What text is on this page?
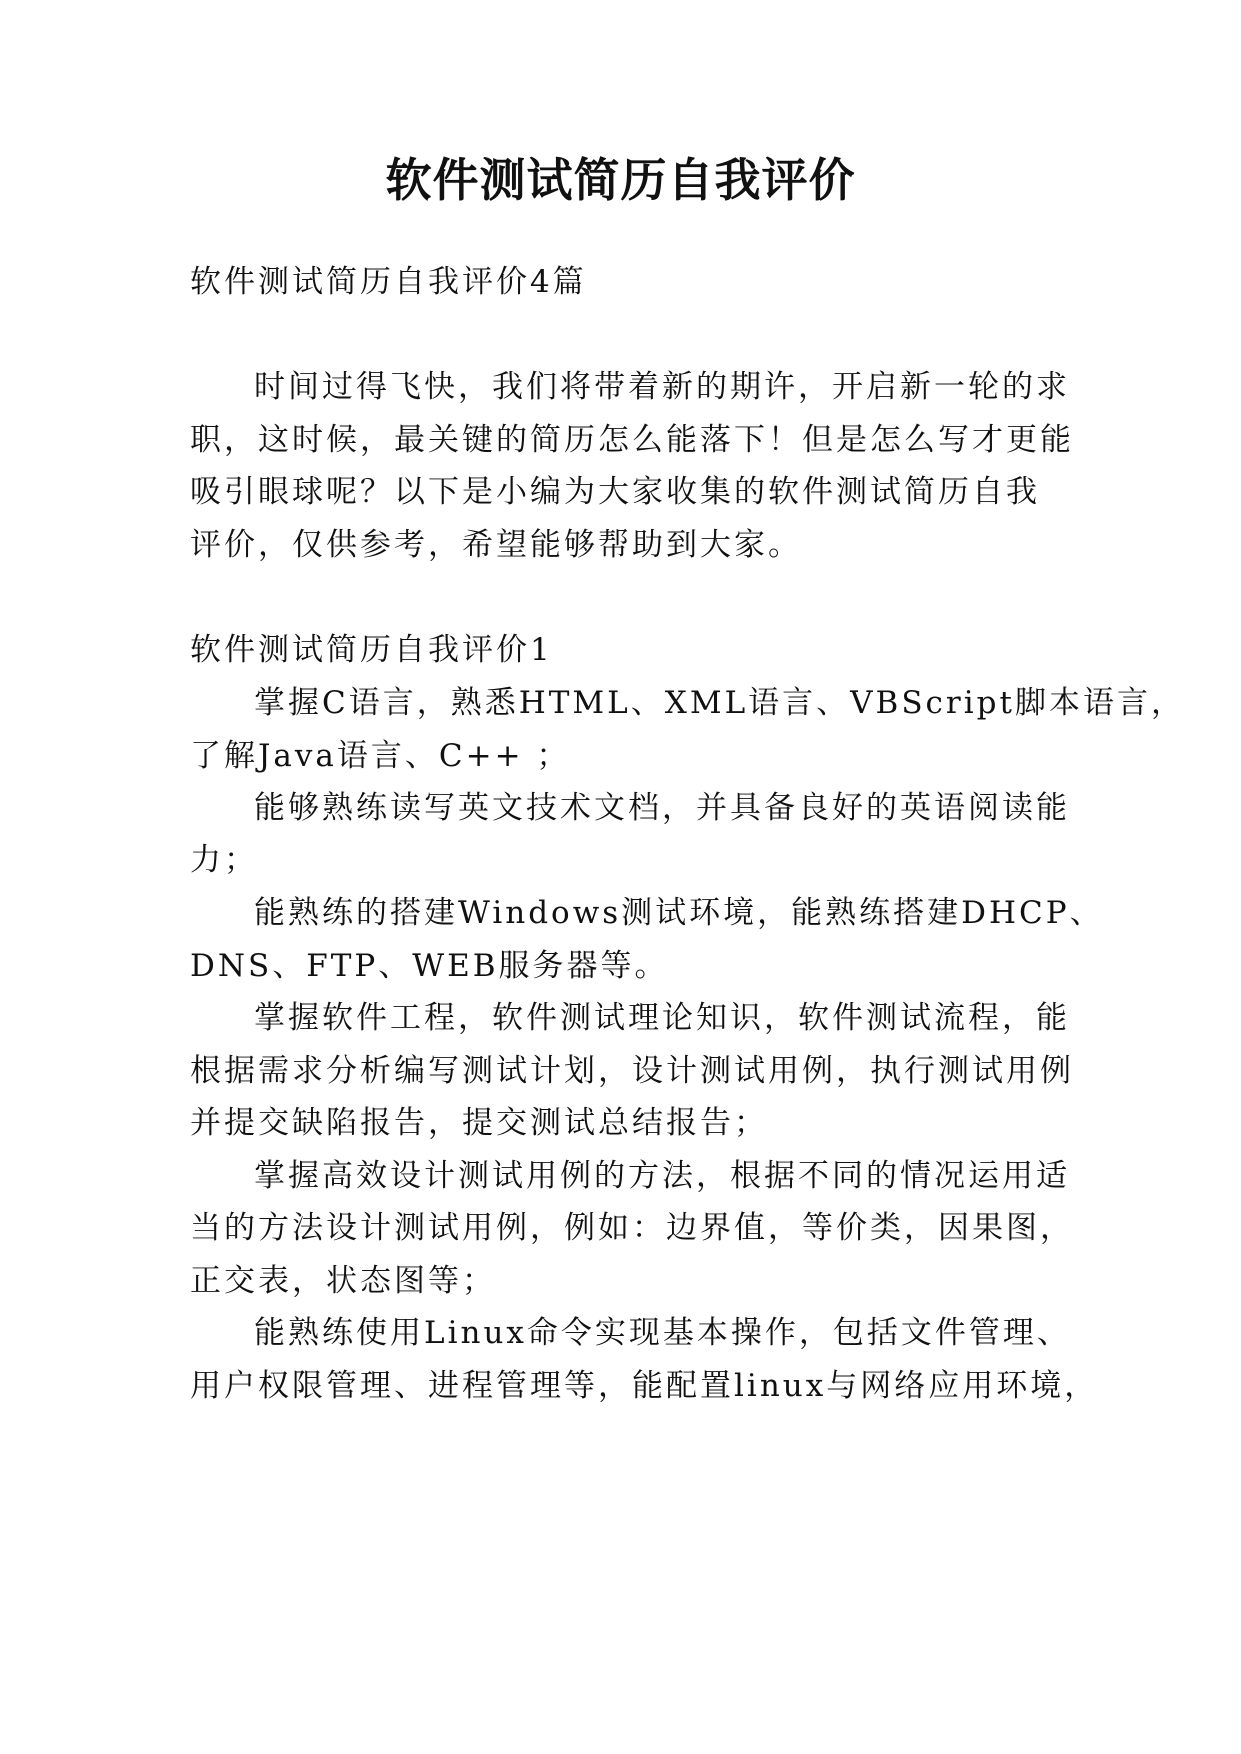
软件测试简历自我评价
软件测试简历自我评价4篇
时间过得飞快，我们将带着新的期许，开启新一轮的求
职，这时候，最关键的简历怎么能落下！但是怎么写才更能
吸引眼球呢？以下是小编为大家收集的软件测试简历自我
评价，仅供参考，希望能够帮助到大家。
软件测试简历自我评价1
掌握C语言，熟悉HTML、XML语言、VBScript脚本语言，
了解Java语言、C++ ；
能够熟练读写英文技术文档，并具备良好的英语阅读能
力；
能熟练的搭建Windows测试环境，能熟练搭建DHCP、
DNS、FTP、WEB服务器等。
掌握软件工程，软件测试理论知识，软件测试流程，能
根据需求分析编写测试计划，设计测试用例，执行测试用例
并提交缺陷报告，提交测试总结报告；
掌握高效设计测试用例的方法，根据不同的情况运用适
当的方法设计测试用例，例如：边界值，等价类，因果图，
正交表，状态图等；
能熟练使用Linux命令实现基本操作，包括文件管理、
用户权限管理、进程管理等，能配置linux与网络应用环境，
